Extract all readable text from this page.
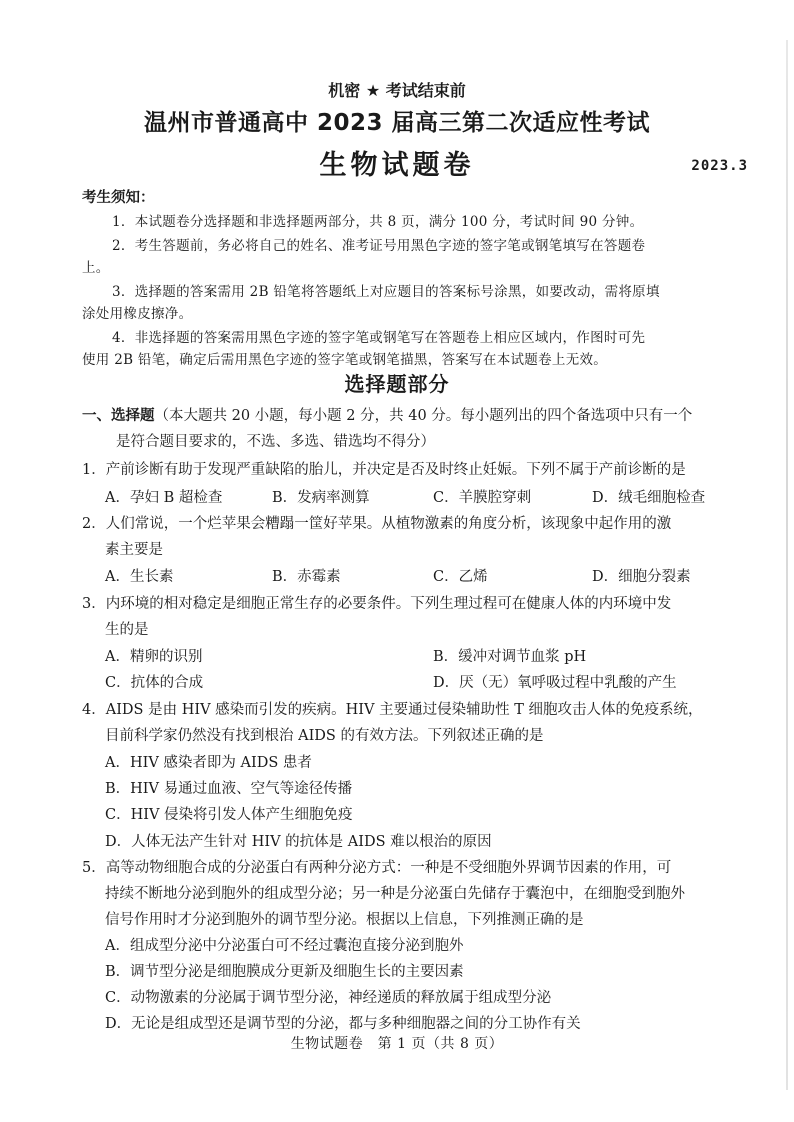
机密 ★ 考试结束前
温州市普通高中 2023 届高三第二次适应性考试
生物试题卷	2023.3
考生须知：
1．本试题卷分选择题和非选择题两部分，共 8 页，满分 100 分，考试时间 90 分钟。
2．考生答题前，务必将自己的姓名、准考证号用黑色字迹的签字笔或钢笔填写在答题卷
上。
3．选择题的答案需用 2B 铅笔将答题纸上对应题目的答案标号涂黑，如要改动，需将原填
涂处用橡皮擦净。
4．非选择题的答案需用黑色字迹的签字笔或钢笔写在答题卷上相应区域内，作图时可先
使用 2B 铅笔，确定后需用黑色字迹的签字笔或钢笔描黑，答案写在本试题卷上无效。
选择题部分
一、选择题（本大题共 20 小题，每小题 2 分，共 40 分。每小题列出的四个备选项中只有一个
是符合题目要求的，不选、多选、错选均不得分）
1．产前诊断有助于发现严重缺陷的胎儿，并决定是否及时终止妊娠。下列不属于产前诊断的是
A．孕妇 B 超检查	B．发病率测算	C．羊膜腔穿刺	D．绒毛细胞检查
2．人们常说，一个烂苹果会糟蹋一筐好苹果。从植物激素的角度分析，该现象中起作用的激
素主要是
A．生长素	B．赤霉素	C．乙烯	D．细胞分裂素
3．内环境的相对稳定是细胞正常生存的必要条件。下列生理过程可在健康人体的内环境中发
生的是
A．精卵的识别	B．缓冲对调节血浆 pH
C．抗体的合成	D．厌（无）氧呼吸过程中乳酸的产生
4．AIDS 是由 HIV 感染而引发的疾病。HIV 主要通过侵染辅助性 T 细胞攻击人体的免疫系统，
目前科学家仍然没有找到根治 AIDS 的有效方法。下列叙述正确的是
A．HIV 感染者即为 AIDS 患者
B．HIV 易通过血液、空气等途径传播
C．HIV 侵染将引发人体产生细胞免疫
D．人体无法产生针对 HIV 的抗体是 AIDS 难以根治的原因
5．高等动物细胞合成的分泌蛋白有两种分泌方式：一种是不受细胞外界调节因素的作用，可
持续不断地分泌到胞外的组成型分泌；另一种是分泌蛋白先储存于囊泡中，在细胞受到胞外
信号作用时才分泌到胞外的调节型分泌。根据以上信息，下列推测正确的是
A．组成型分泌中分泌蛋白可不经过囊泡直接分泌到胞外
B．调节型分泌是细胞膜成分更新及细胞生长的主要因素
C．动物激素的分泌属于调节型分泌，神经递质的释放属于组成型分泌
D．无论是组成型还是调节型的分泌，都与多种细胞器之间的分工协作有关
生物试题卷　第 1 页（共 8 页）
